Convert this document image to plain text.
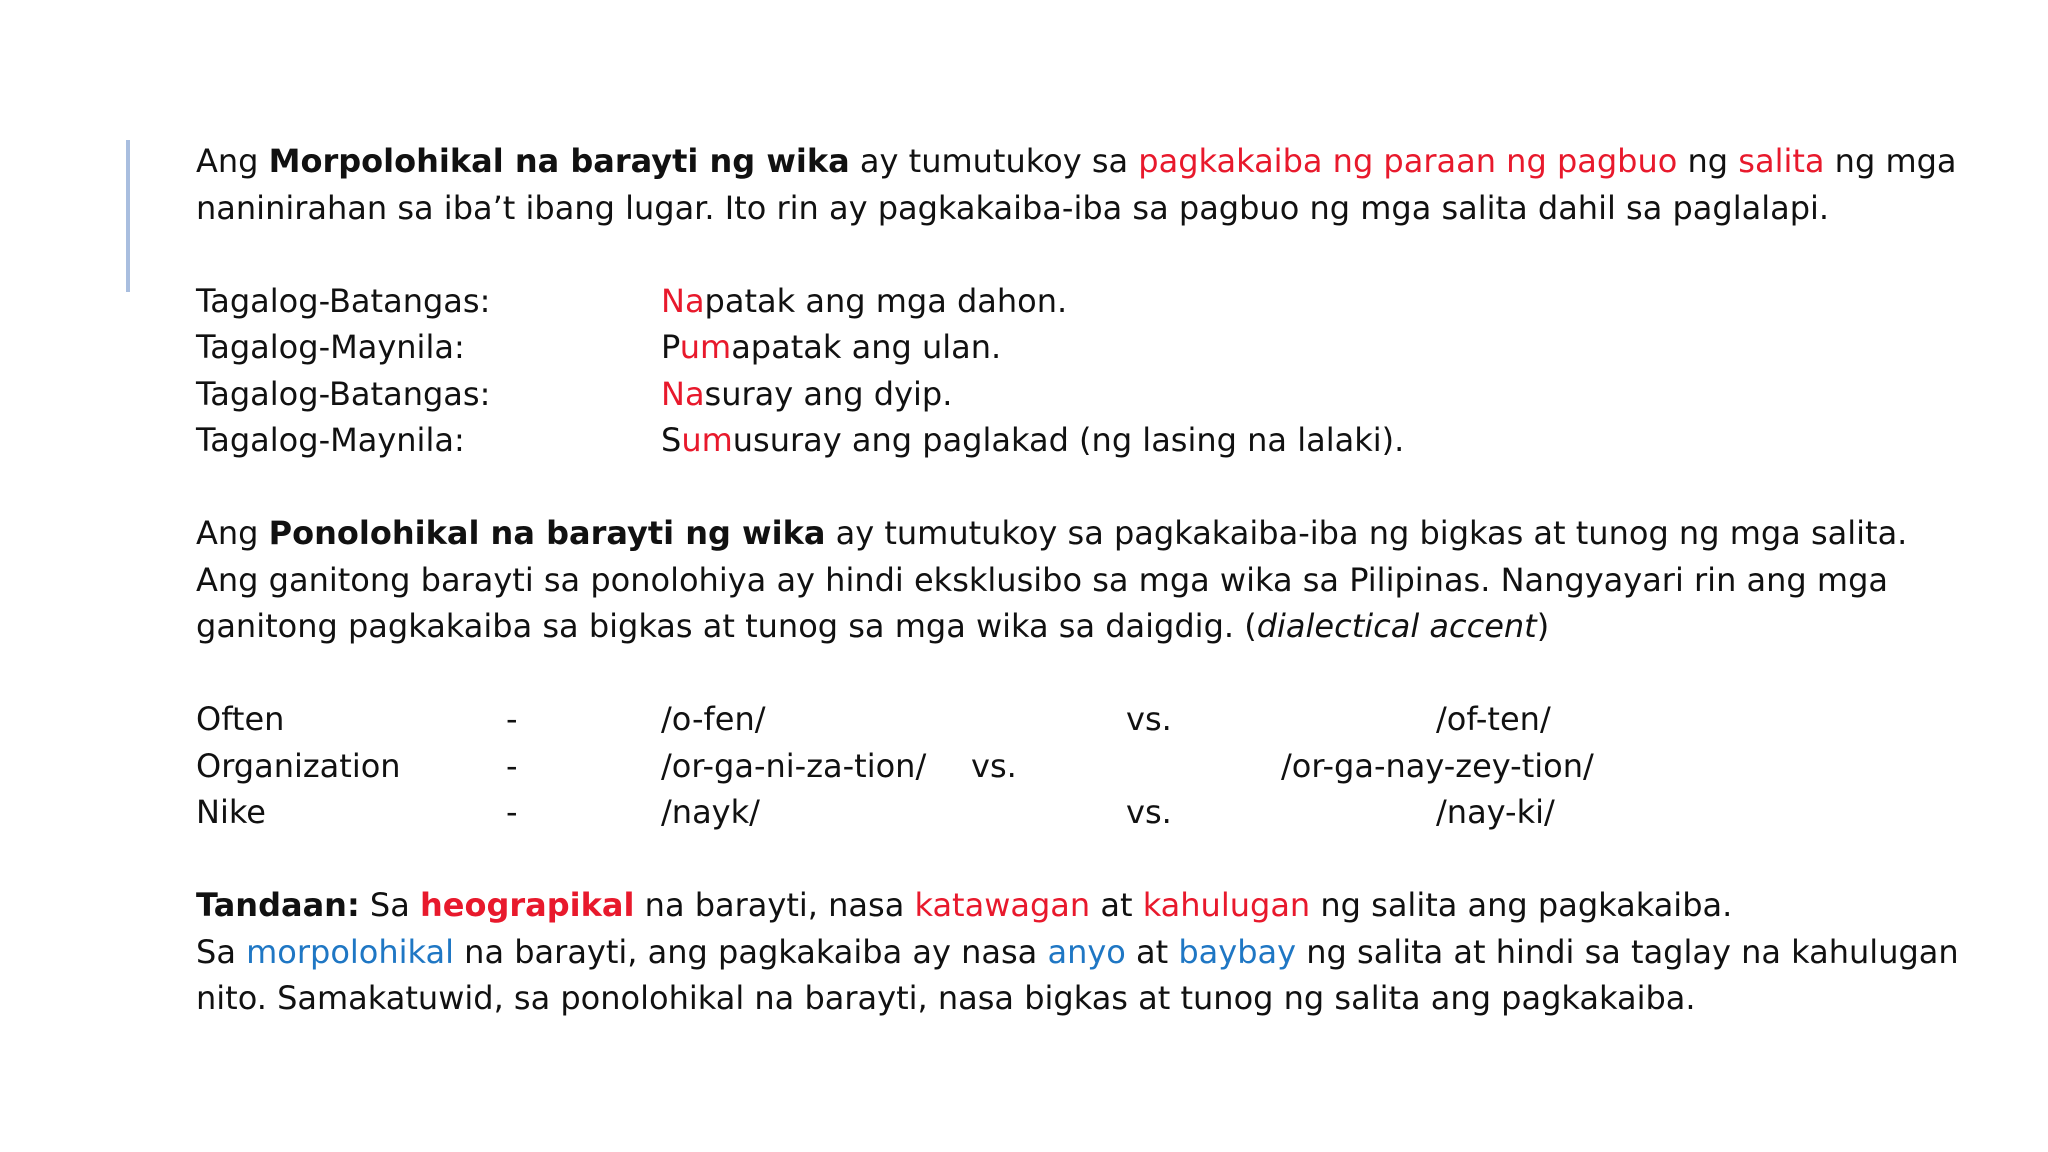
Ang Morpolohikal na barayti ng wika ay tumutukoy sa pagkakaiba ng paraan ng pagbuo ng salita ng mga naninirahan sa iba’t ibang lugar. Ito rin ay pagkakaiba-iba sa pagbuo ng mga salita dahil sa paglalapi.

Tagalog-Batangas:	Napatak ang mga dahon.
Tagalog-Maynila:	Pumapatak ang ulan.
Tagalog-Batangas:	Nasuray ang dyip.
Tagalog-Maynila:	Sumusuray ang paglakad (ng lasing na lalaki).

Ang Ponolohikal na barayti ng wika ay tumutukoy sa pagkakaiba-iba ng bigkas at tunog ng mga salita. Ang ganitong barayti sa ponolohiya ay hindi eksklusibo sa mga wika sa Pilipinas. Nangyayari rin ang mga ganitong pagkakaiba sa bigkas at tunog sa mga wika sa daigdig. (dialectical accent)

Often	-	/o-fen/	vs.	/of-ten/
Organization	-	/or-ga-ni-za-tion/ vs.	/or-ga-nay-zey-tion/
Nike	-	/nayk/	vs.	/nay-ki/

Tandaan: Sa heograpikal na barayti, nasa katawagan at kahulugan ng salita ang pagkakaiba.
Sa morpolohikal na barayti, ang pagkakaiba ay nasa anyo at baybay ng salita at hindi sa taglay na kahulugan nito. Samakatuwid, sa ponolohikal na barayti, nasa bigkas at tunog ng salita ang pagkakaiba.
